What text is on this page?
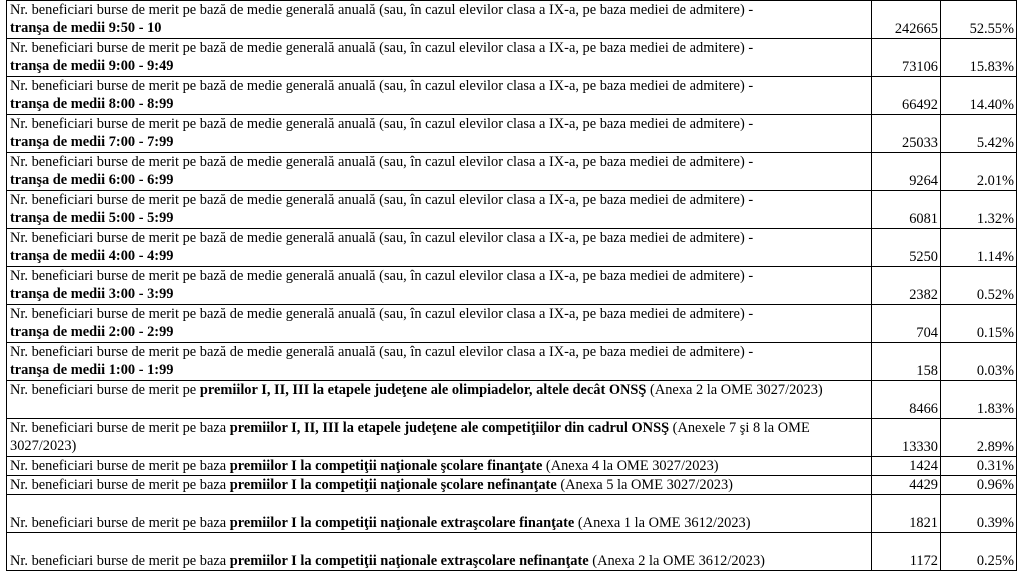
Nr. beneficiari burse de merit pe bază de medie generală anuală (sau, în cazul elevilor clasa a IX-a, pe baza mediei de admitere) -
tranşa de medii 9:50 - 10	242665	52.55%
Nr. beneficiari burse de merit pe bază de medie generală anuală (sau, în cazul elevilor clasa a IX-a, pe baza mediei de admitere) -
tranşa de medii 9:00 - 9:49	73106	15.83%
Nr. beneficiari burse de merit pe bază de medie generală anuală (sau, în cazul elevilor clasa a IX-a, pe baza mediei de admitere) -
tranşa de medii 8:00 - 8:99	66492	14.40%
Nr. beneficiari burse de merit pe bază de medie generală anuală (sau, în cazul elevilor clasa a IX-a, pe baza mediei de admitere) -
tranşa de medii 7:00 - 7:99	25033	5.42%
Nr. beneficiari burse de merit pe bază de medie generală anuală (sau, în cazul elevilor clasa a IX-a, pe baza mediei de admitere) -
tranşa de medii 6:00 - 6:99	9264	2.01%
Nr. beneficiari burse de merit pe bază de medie generală anuală (sau, în cazul elevilor clasa a IX-a, pe baza mediei de admitere) -
tranşa de medii 5:00 - 5:99	6081	1.32%
Nr. beneficiari burse de merit pe bază de medie generală anuală (sau, în cazul elevilor clasa a IX-a, pe baza mediei de admitere) -
tranşa de medii 4:00 - 4:99	5250	1.14%
Nr. beneficiari burse de merit pe bază de medie generală anuală (sau, în cazul elevilor clasa a IX-a, pe baza mediei de admitere) -
tranşa de medii 3:00 - 3:99	2382	0.52%
Nr. beneficiari burse de merit pe bază de medie generală anuală (sau, în cazul elevilor clasa a IX-a, pe baza mediei de admitere) -
tranşa de medii 2:00 - 2:99	704	0.15%
Nr. beneficiari burse de merit pe bază de medie generală anuală (sau, în cazul elevilor clasa a IX-a, pe baza mediei de admitere) -
tranşa de medii 1:00 - 1:99	158	0.03%
Nr. beneficiari burse de merit pe premiilor I, II, III la etapele judeţene ale olimpiadelor, altele decât ONSŞ (Anexa 2 la OME 3027/2023)	8466	1.83%
Nr. beneficiari burse de merit pe baza premiilor I, II, III la etapele judeţene ale competiţiilor din cadrul ONSŞ (Anexele 7 şi 8 la OME 3027/2023)	13330	2.89%
Nr. beneficiari burse de merit pe baza premiilor I la competiţii naţionale şcolare finanţate (Anexa 4 la OME 3027/2023)	1424	0.31%
Nr. beneficiari burse de merit pe baza premiilor I la competiţii naţionale şcolare nefinanţate (Anexa 5 la OME 3027/2023)	4429	0.96%
Nr. beneficiari burse de merit pe baza premiilor I la competiţii naţionale extraşcolare finanţate (Anexa 1 la OME 3612/2023)	1821	0.39%
Nr. beneficiari burse de merit pe baza premiilor I la competiţii naţionale extraşcolare nefinanţate (Anexa 2 la OME 3612/2023)	1172	0.25%
